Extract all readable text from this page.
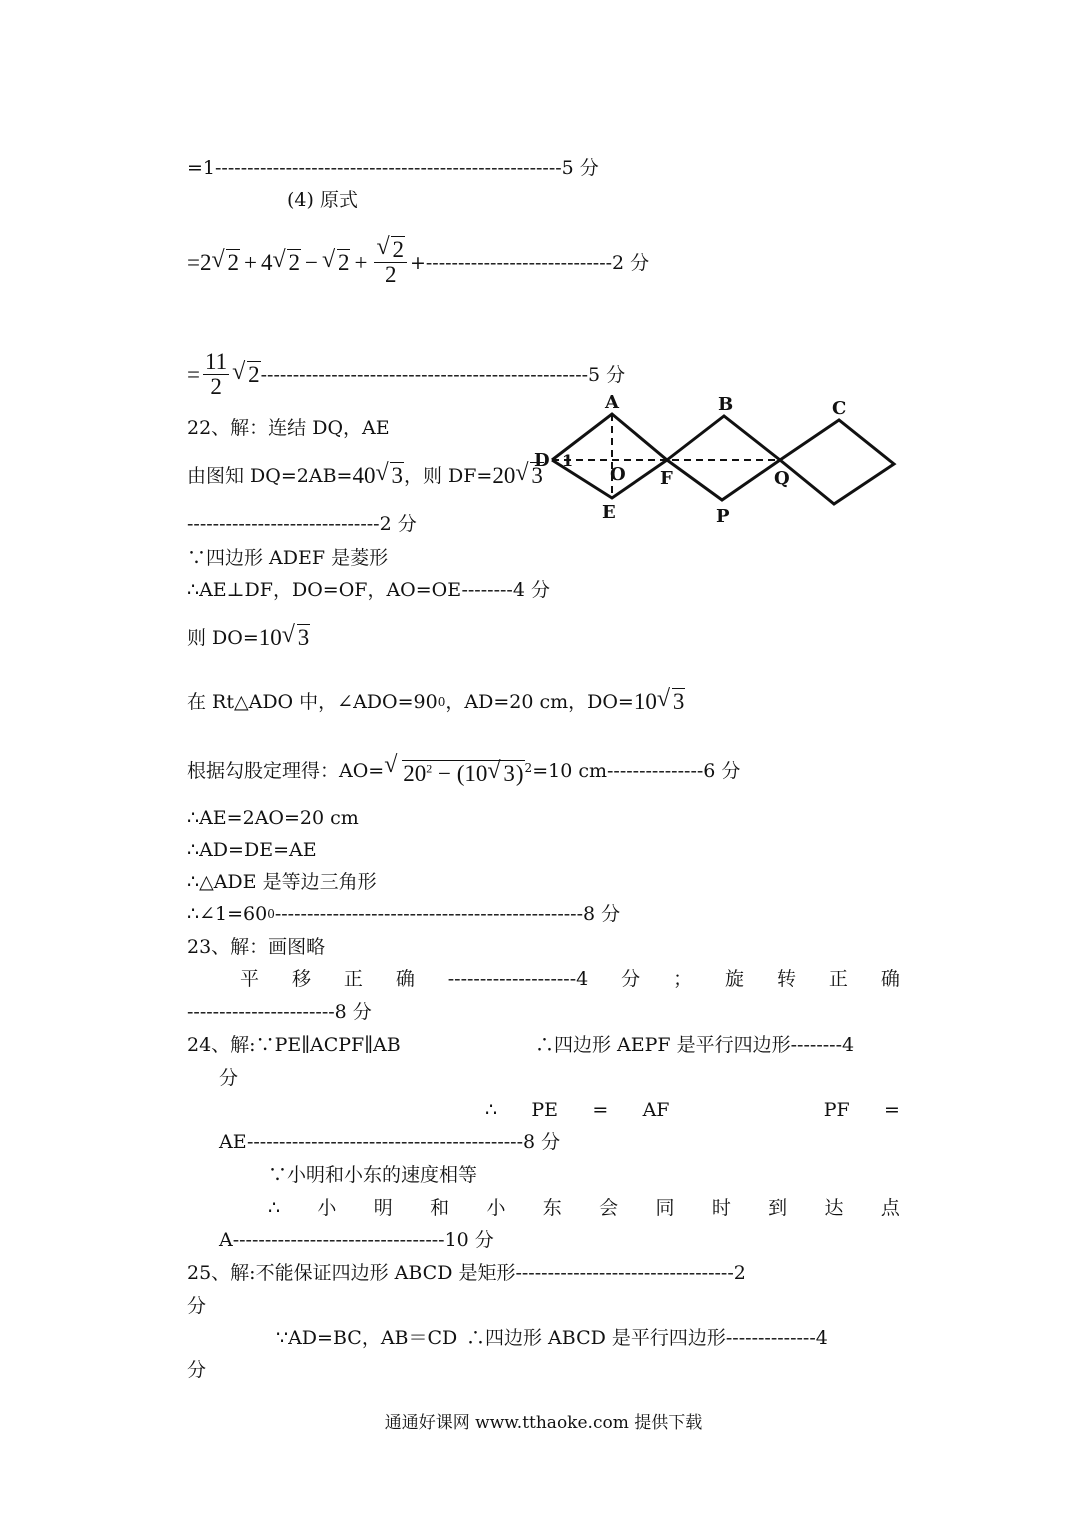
=1------------------------------------------------------5 分
(4) 原式
= 2
√ 2 + 4
√ 2 −
√ 2 +
√ $\frac{2}{2} +-----------------------------2$ 分
= $\frac{11}{2}$
√ 2 ---------------------------------------------------5 分
22、解：连结 DQ，AE
由图知 DQ=2AB= 40
√ 3 ，则 DF= 20
√ 3
------------------------------2 分
∵四边形 ADEF 是菱形
∴AE⊥DF，DO=OF，AO=OE--------4 分
则 DO= 10
√ 3
在 Rt△ADO 中，∠ADO=90 0 ，AD=20 cm，DO= 10
√ 3
根据勾股定理得：AO=
√ $20^2 - (10√$ 3) 2 =10 cm---------------6 分
∴AE=2AO=20 cm
∴AD=DE=AE
∴△ADE 是等边三角形
∴∠1=60 0 ------------------------------------------------8 分
23、解：画图略
平 移 正 确 --------------------4 分 ； 旋 转 正 确
-----------------------8 分
24、解:∵PE∥ACPF∥AB	∴四边形 AEPF 是平行四边形--------4
分
∴ PE = AF	PF =
AE-------------------------------------------8 分
∵小明和小东的速度相等
∴ 小 明 和 小 东 会 同 时 到 达 点
A---------------------------------10 分
25、解:不能保证四边形 ABCD 是矩形----------------------------------2
分
∵AD=BC，AB＝CD ∴四边形 ABCD 是平行四边形--------------4
分
A	B	C
D 1
O F	Q
E	P
通通好课网 www.tthaoke.com 提供下载
